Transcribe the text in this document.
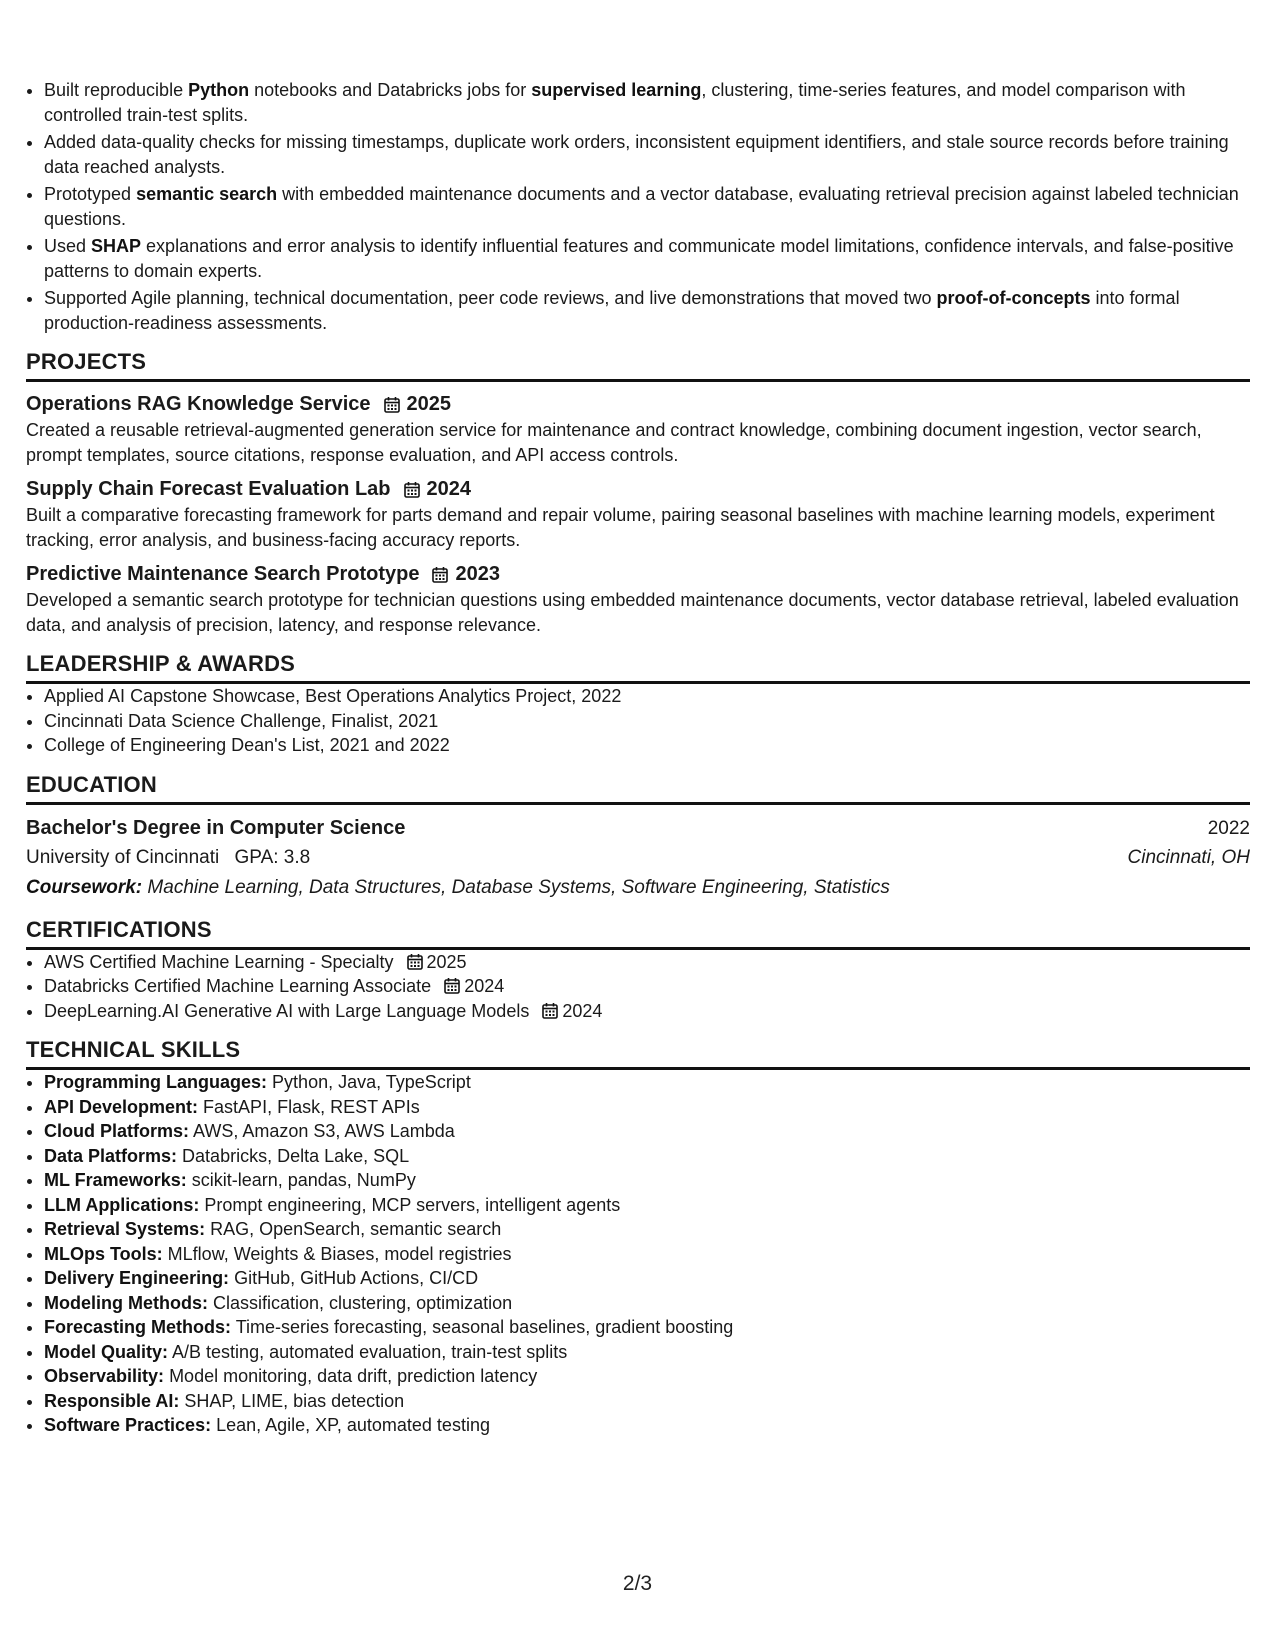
• Built reproducible Python notebooks and Databricks jobs for supervised learning, clustering, time-series features, and model comparison with controlled train-test splits.
• Added data-quality checks for missing timestamps, duplicate work orders, inconsistent equipment identifiers, and stale source records before training data reached analysts.
• Prototyped semantic search with embedded maintenance documents and a vector database, evaluating retrieval precision against labeled technician questions.
• Used SHAP explanations and error analysis to identify influential features and communicate model limitations, confidence intervals, and false-positive patterns to domain experts.
• Supported Agile planning, technical documentation, peer code reviews, and live demonstrations that moved two proof-of-concepts into formal production-readiness assessments.
PROJECTS
Operations RAG Knowledge Service 2025
Created a reusable retrieval-augmented generation service for maintenance and contract knowledge, combining document ingestion, vector search, prompt templates, source citations, response evaluation, and API access controls.
Supply Chain Forecast Evaluation Lab 2024
Built a comparative forecasting framework for parts demand and repair volume, pairing seasonal baselines with machine learning models, experiment tracking, error analysis, and business-facing accuracy reports.
Predictive Maintenance Search Prototype 2023
Developed a semantic search prototype for technician questions using embedded maintenance documents, vector database retrieval, labeled evaluation data, and analysis of precision, latency, and response relevance.
LEADERSHIP & AWARDS
• Applied AI Capstone Showcase, Best Operations Analytics Project, 2022
• Cincinnati Data Science Challenge, Finalist, 2021
• College of Engineering Dean's List, 2021 and 2022
EDUCATION
Bachelor's Degree in Computer Science	2022
University of Cincinnati GPA: 3.8	Cincinnati, OH
Coursework: Machine Learning, Data Structures, Database Systems, Software Engineering, Statistics
CERTIFICATIONS
• AWS Certified Machine Learning - Specialty 2025
• Databricks Certified Machine Learning Associate 2024
• DeepLearning.AI Generative AI with Large Language Models 2024
TECHNICAL SKILLS
• Programming Languages: Python, Java, TypeScript
• API Development: FastAPI, Flask, REST APIs
• Cloud Platforms: AWS, Amazon S3, AWS Lambda
• Data Platforms: Databricks, Delta Lake, SQL
• ML Frameworks: scikit-learn, pandas, NumPy
• LLM Applications: Prompt engineering, MCP servers, intelligent agents
• Retrieval Systems: RAG, OpenSearch, semantic search
• MLOps Tools: MLflow, Weights & Biases, model registries
• Delivery Engineering: GitHub, GitHub Actions, CI/CD
• Modeling Methods: Classification, clustering, optimization
• Forecasting Methods: Time-series forecasting, seasonal baselines, gradient boosting
• Model Quality: A/B testing, automated evaluation, train-test splits
• Observability: Model monitoring, data drift, prediction latency
• Responsible AI: SHAP, LIME, bias detection
• Software Practices: Lean, Agile, XP, automated testing
2/3
